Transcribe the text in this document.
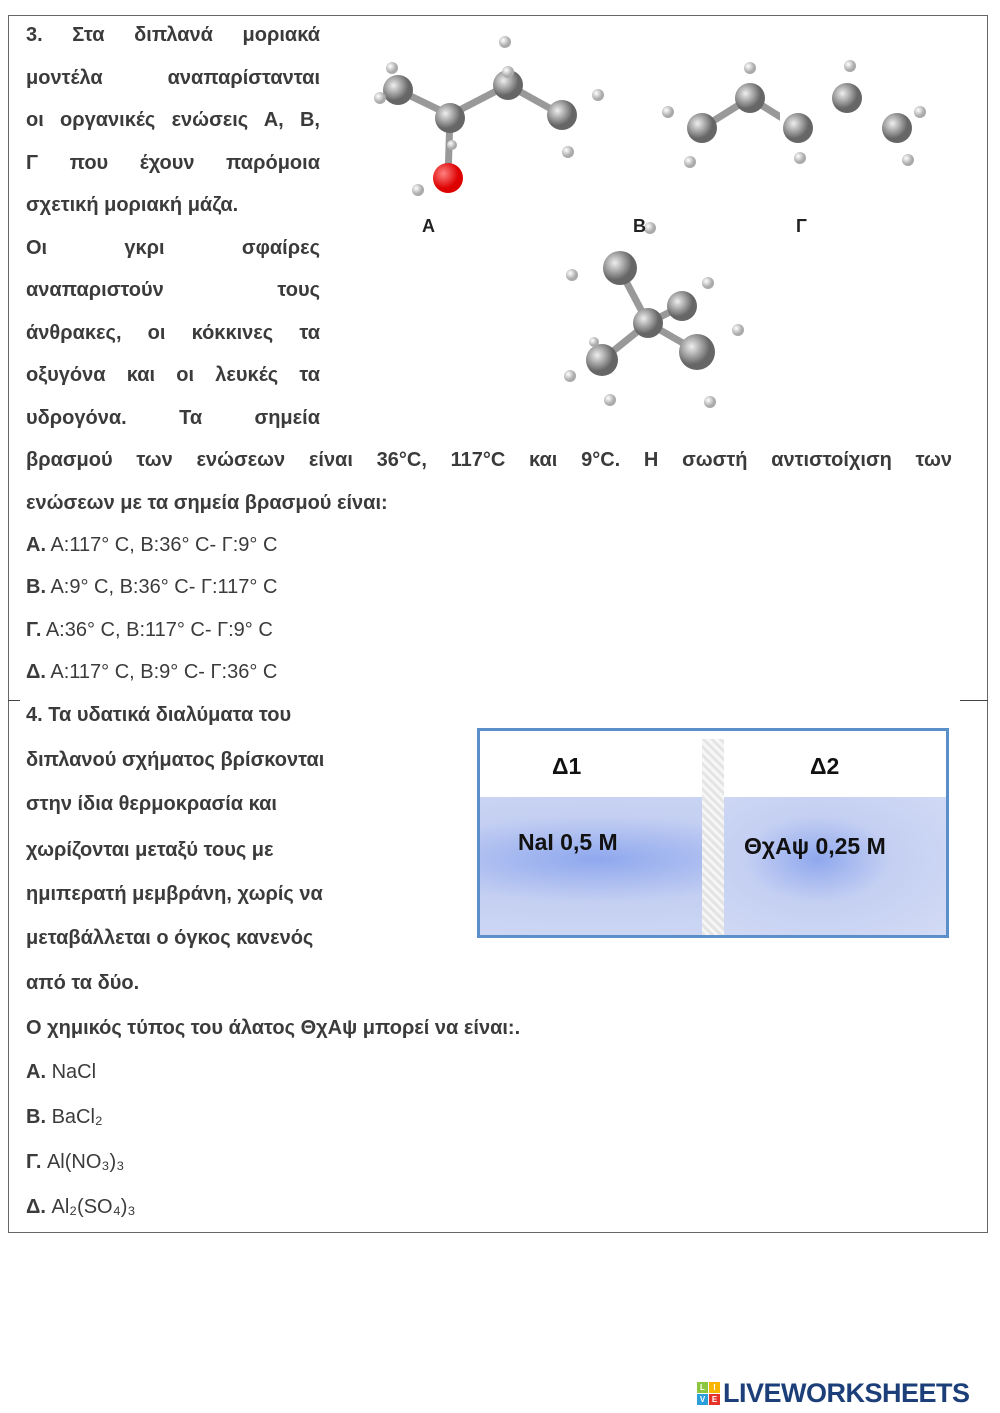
3. Στα διπλανά μοριακά
μοντέλα αναπαρίστανται
οι οργανικές ενώσεις Α, Β,
Γ που έχουν παρόμοια
σχετική μοριακή μάζα.
Οι γκρι σφαίρες
αναπαριστούν τους
άνθρακες, οι κόκκινες τα
οξυγόνα και οι λευκές τα
υδρογόνα. Τα σημεία
βρασμού των ενώσεων είναι 36°C, 117°C και 9°C. Η σωστή αντιστοίχιση των
ενώσεων με τα σημεία βρασμού είναι:
Α	Β	Γ
Α. Α:117° C, Β:36° C- Γ:9° C
Β. Α:9° C, Β:36° C- Γ:117° C
Γ. Α:36° C, Β:117° C- Γ:9° C
Δ. Α:117° C, Β:9° C- Γ:36° C
4. Τα υδατικά διαλύματα του
διπλανού σχήματος βρίσκονται
στην ίδια θερμοκρασία και
χωρίζονται μεταξύ τους με
ημιπερατή μεμβράνη, χωρίς να
μεταβάλλεται ο όγκος κανενός
από τα δύο.
Ο χημικός τύπος του άλατος ΘχΑψ μπορεί να είναι:.
Δ1	Δ2
NaI 0,5 M	ΘχΑψ 0,25 M
Α. NaCl
Β. BaCl₂
Γ. Al(NO₃)₃
Δ. Al₂(SO₄)₃
L	I
V E LIVEWORKSHEETS
